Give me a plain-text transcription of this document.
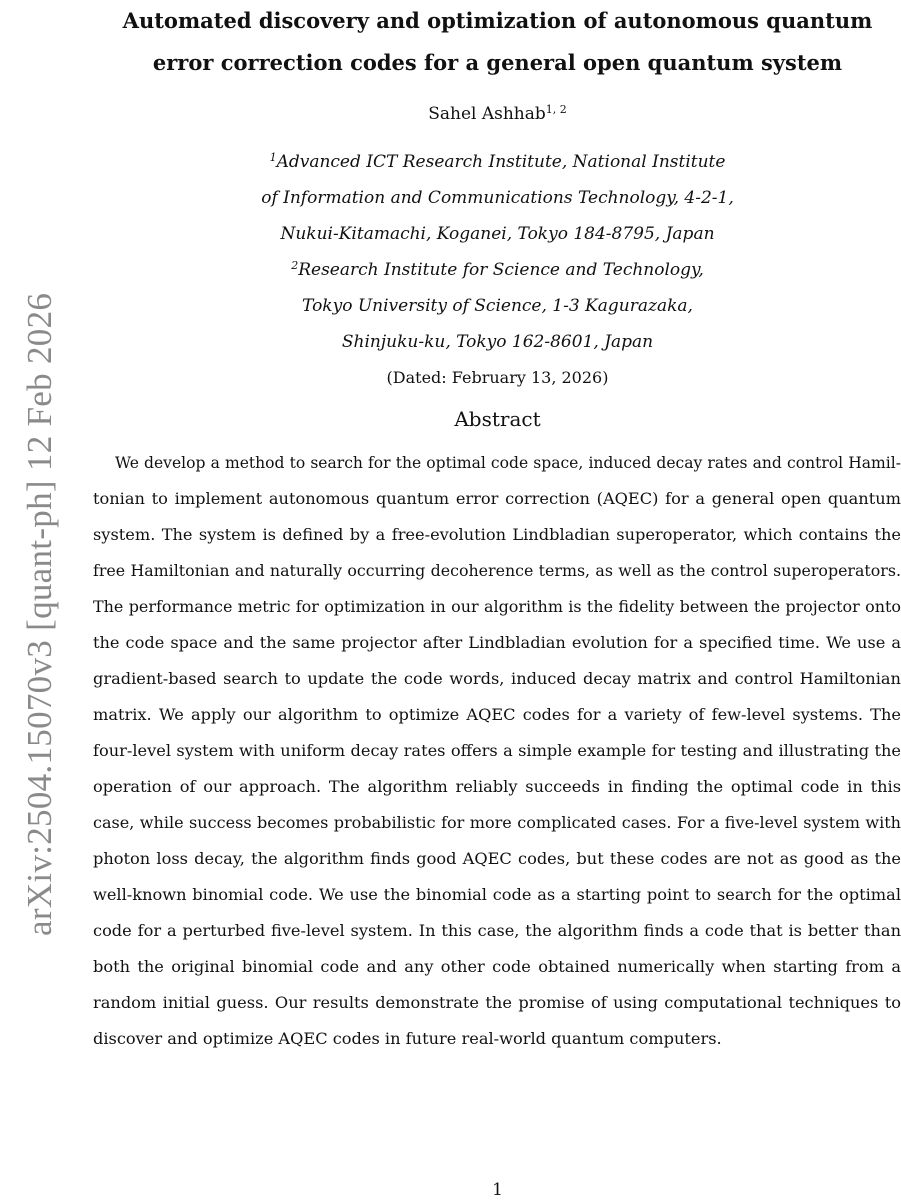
arXiv:2504.15070v3 [quant-ph] 12 Feb 2026
Automated discovery and optimization of autonomous quantum
error correction codes for a general open quantum system
Sahel Ashhab$^{1, 2}$
$^1$Advanced ICT Research Institute, National Institute
of Information and Communications Technology, 4-2-1,
Nukui-Kitamachi, Koganei, Tokyo 184-8795, Japan
$^2$Research Institute for Science and Technology,
Tokyo University of Science, 1-3 Kagurazaka,
Shinjuku-ku, Tokyo 162-8601, Japan
(Dated: February 13, 2026)
Abstract
We develop a method to search for the optimal code space, induced decay rates and control Hamil-
tonian to implement autonomous quantum error correction (AQEC) for a general open quantum
system. The system is defined by a free-evolution Lindbladian superoperator, which contains the
free Hamiltonian and naturally occurring decoherence terms, as well as the control superoperators.
The performance metric for optimization in our algorithm is the fidelity between the projector onto
the code space and the same projector after Lindbladian evolution for a specified time. We use a
gradient-based search to update the code words, induced decay matrix and control Hamiltonian
matrix. We apply our algorithm to optimize AQEC codes for a variety of few-level systems. The
four-level system with uniform decay rates offers a simple example for testing and illustrating the
operation of our approach. The algorithm reliably succeeds in finding the optimal code in this
case, while success becomes probabilistic for more complicated cases. For a five-level system with
photon loss decay, the algorithm finds good AQEC codes, but these codes are not as good as the
well-known binomial code. We use the binomial code as a starting point to search for the optimal
code for a perturbed five-level system. In this case, the algorithm finds a code that is better than
both the original binomial code and any other code obtained numerically when starting from a
random initial guess. Our results demonstrate the promise of using computational techniques to
discover and optimize AQEC codes in future real-world quantum computers.
1
